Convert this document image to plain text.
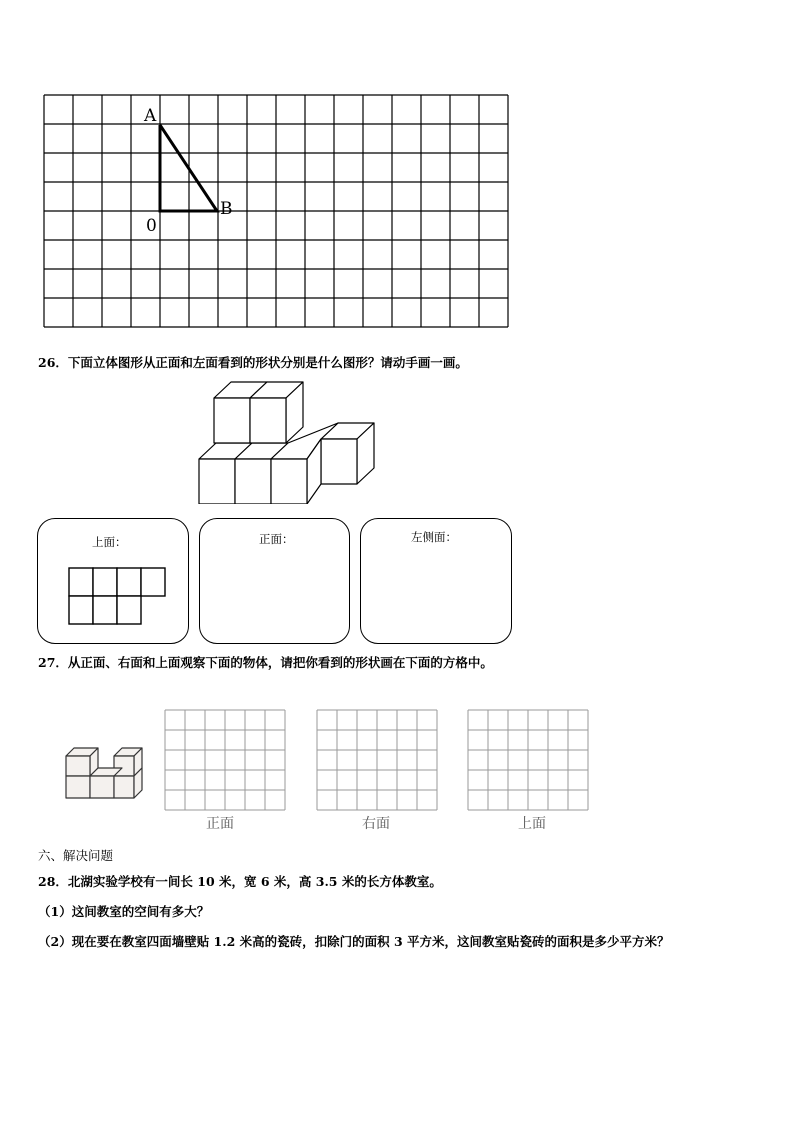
A
B
0
26．下面立体图形从正面和左面看到的形状分别是什么图形？请动手画一画。
上面：	正面：	左侧面：
27．从正面、右面和上面观察下面的物体，请把你看到的形状画在下面的方格中。
正面	右面	上面
六、解决问题
28．北湖实验学校有一间长 10 米，宽 6 米，高 3.5 米的长方体教室。
（1）这间教室的空间有多大？
（2）现在要在教室四面墙壁贴 1.2 米高的瓷砖，扣除门的面积 3 平方米，这间教室贴瓷砖的面积是多少平方米？
